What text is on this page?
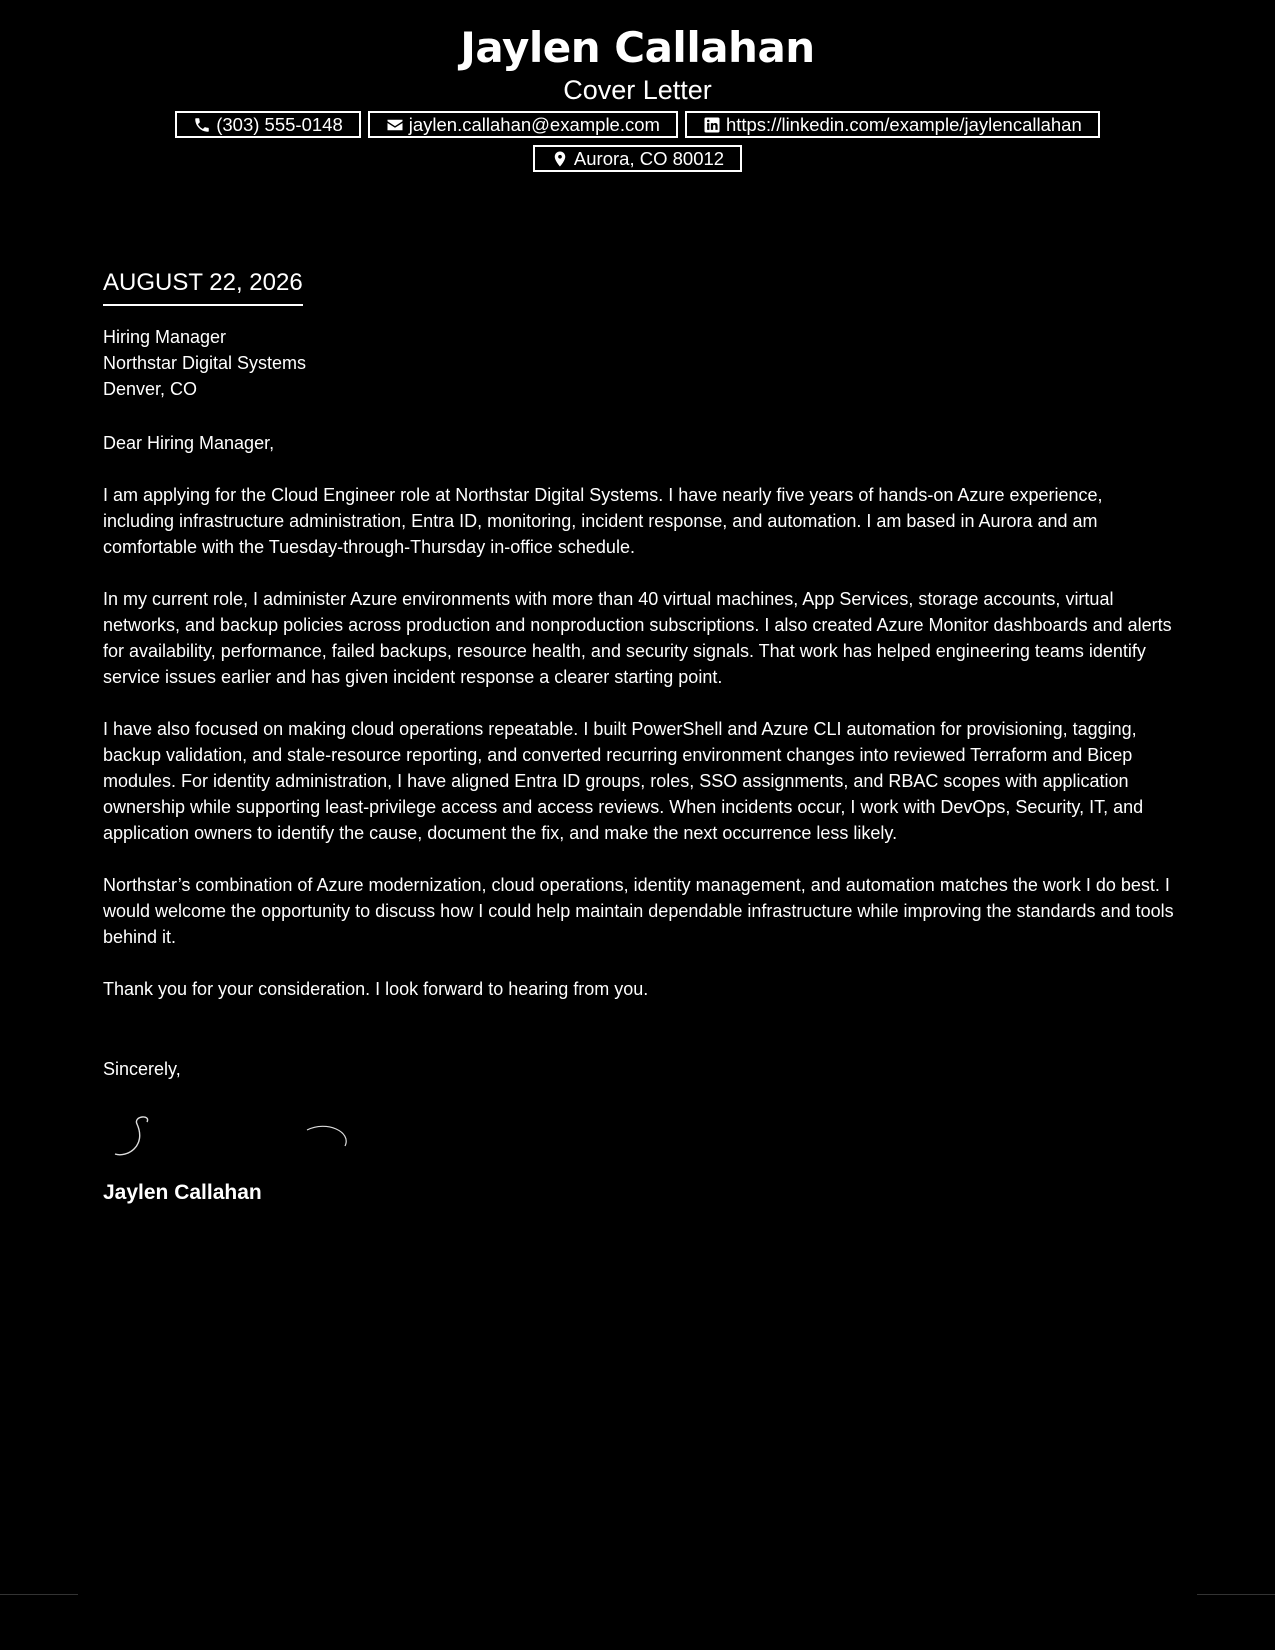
Jaylen Callahan
Cover Letter
(303) 555-0148	jaylen.callahan@example.com	https://linkedin.com/example/jaylencallahan
Aurora, CO 80012
AUGUST 22, 2026
Hiring Manager
Northstar Digital Systems
Denver, CO
Dear Hiring Manager,

I am applying for the Cloud Engineer role at Northstar Digital Systems. I have nearly five years of hands-on Azure experience, including infrastructure administration, Entra ID, monitoring, incident response, and automation. I am based in Aurora and am comfortable with the Tuesday-through-Thursday in-office schedule.

In my current role, I administer Azure environments with more than 40 virtual machines, App Services, storage accounts, virtual networks, and backup policies across production and nonproduction subscriptions. I also created Azure Monitor dashboards and alerts for availability, performance, failed backups, resource health, and security signals. That work has helped engineering teams identify service issues earlier and has given incident response a clearer starting point.

I have also focused on making cloud operations repeatable. I built PowerShell and Azure CLI automation for provisioning, tagging, backup validation, and stale-resource reporting, and converted recurring environment changes into reviewed Terraform and Bicep modules. For identity administration, I have aligned Entra ID groups, roles, SSO assignments, and RBAC scopes with application ownership while supporting least-privilege access and access reviews. When incidents occur, I work with DevOps, Security, IT, and application owners to identify the cause, document the fix, and make the next occurrence less likely.

Northstar’s combination of Azure modernization, cloud operations, identity management, and automation matches the work I do best. I would welcome the opportunity to discuss how I could help maintain dependable infrastructure while improving the standards and tools behind it.

Thank you for your consideration. I look forward to hearing from you.

Sincerely,
Jaylen Callahan
